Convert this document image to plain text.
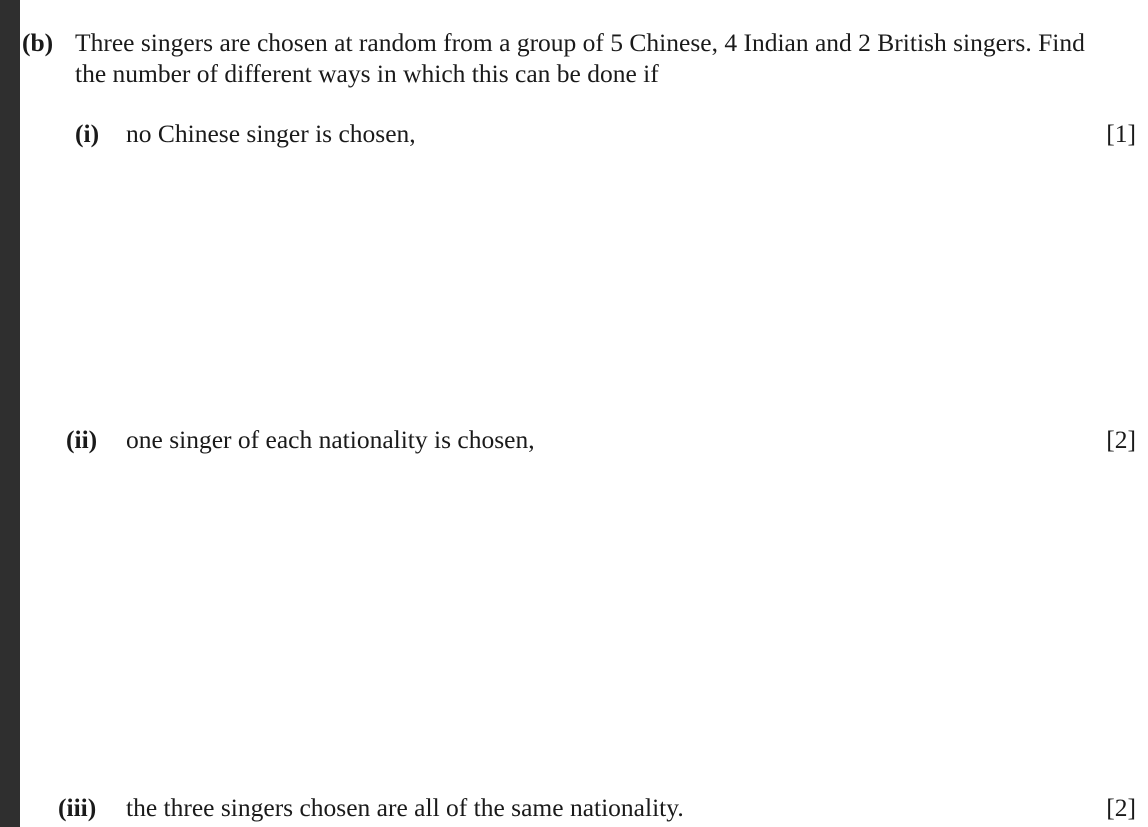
(b) Three singers are chosen at random from a group of 5 Chinese, 4 Indian and 2 British singers. Find
the number of different ways in which this can be done if
(i) no Chinese singer is chosen,	[1]
(ii) one singer of each nationality is chosen,	[2]
(iii) the three singers chosen are all of the same nationality.	[2]
